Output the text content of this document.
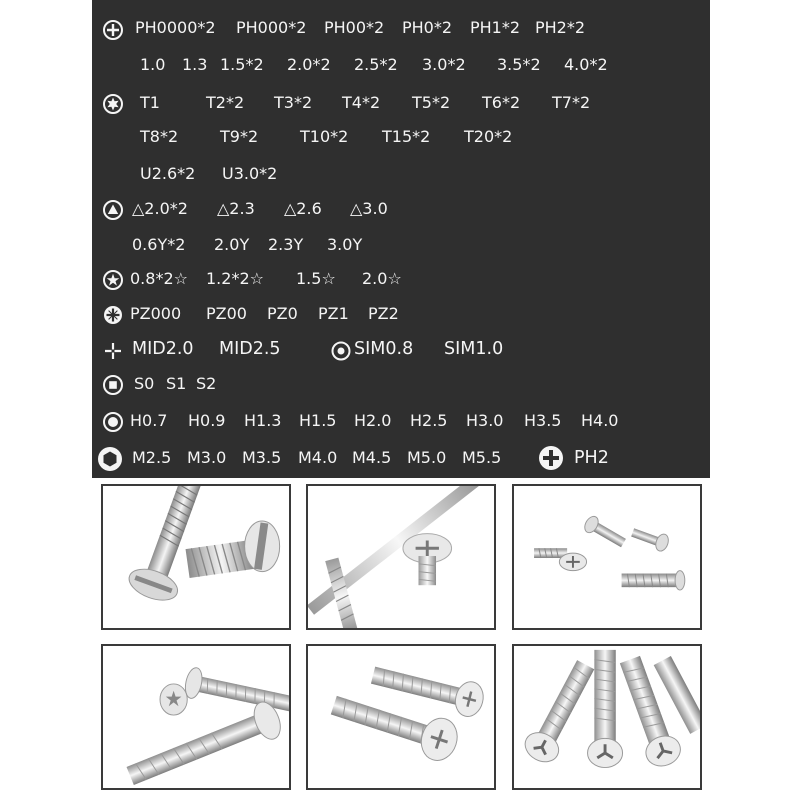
PH0000*2 PH000*2 PH00*2 PH0*2 PH1*2 PH2*2
1.0 1.3 1.5*2 2.0*2 2.5*2 3.0*2 3.5*2 4.0*2
T1	T2*2 T3*2 T4*2 T5*2 T6*2 T7*2
T8*2	T9*2	T10*2 T15*2 T20*2
U2.6*2 U3.0*2
△2.0*2 △2.3 △2.6 △3.0
0.6Y*2 2.0Y 2.3Y 3.0Y
0.8*2☆ 1.2*2☆ 1.5☆ 2.0☆
PZ000 PZ00 PZ0 PZ1 PZ2
MID2.0 MID2.5	SIM0.8 SIM1.0
S0 S1 S2
H0.7 H0.9 H1.3 H1.5 H2.0 H2.5 H3.0 H3.5 H4.0
M2.5 M3.0 M3.5 M4.0 M4.5 M5.0 M5.5	PH2
